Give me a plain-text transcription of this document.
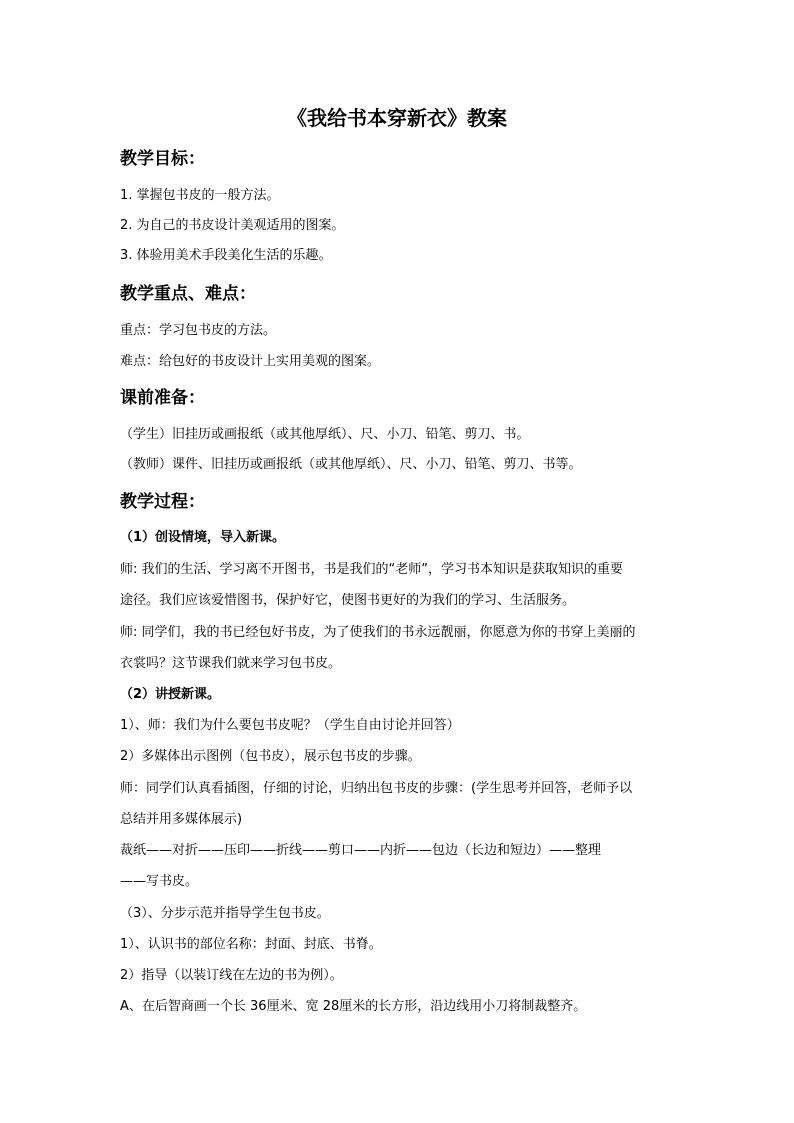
《我给书本穿新衣》教案
教学目标：

1. 掌握包书皮的一般方法。

2. 为自己的书皮设计美观适用的图案。

3. 体验用美术手段美化生活的乐趣。

教学重点、难点：

重点：学习包书皮的方法。

难点：给包好的书皮设计上实用美观的图案。

课前准备：

（学生）旧挂历或画报纸（或其他厚纸）、尺、小刀、铅笔、剪刀、书。

（教师）课件、旧挂历或画报纸（或其他厚纸）、尺、小刀、铅笔、剪刀、书等。

教学过程：

（1）创设情境，导入新课。

师: 我们的生活、学习离不开图书，书是我们的“老师”，学习书本知识是获取知识的重要

途径。我们应该爱惜图书，保护好它，使图书更好的为我们的学习、生活服务。

师: 同学们，我的书已经包好书皮，为了使我们的书永远靓丽，你愿意为你的书穿上美丽的

衣裳吗？这节课我们就来学习包书皮。

（2）讲授新课。

1）、师：我们为什么要包书皮呢？（学生自由讨论并回答）

2）多媒体出示图例（包书皮），展示包书皮的步骤。

师：同学们认真看插图，仔细的讨论，归纳出包书皮的步骤：(学生思考并回答，老师予以

总结并用多媒体展示)

裁纸——对折——压印——折线——剪口——内折——包边（长边和短边）——整理

——写书皮。

（3）、分步示范并指导学生包书皮。

1）、认识书的部位名称：封面、封底、书脊。

2）指导（以装订线在左边的书为例）。

A、在后智商画一个长 36厘米、宽 28厘米的长方形，沿边线用小刀将制裁整齐。
